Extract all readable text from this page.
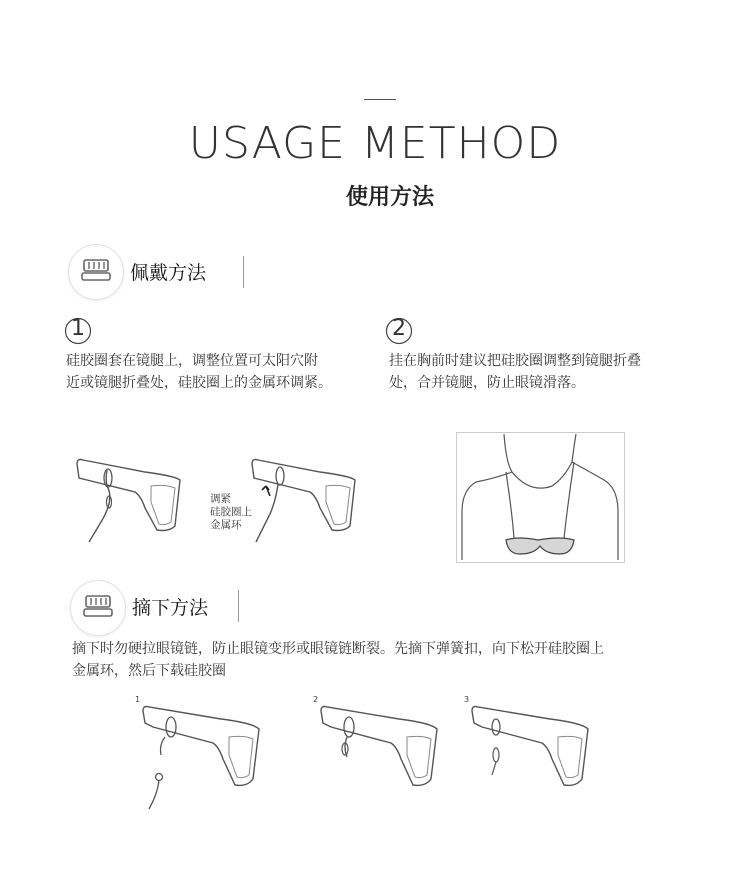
USAGE METHOD
使用方法
佩戴方法
1	2
硅胶圈套在镜腿上，调整位置可太阳穴附
近或镜腿折叠处，硅胶圈上的金属环调紧。
挂在胸前时建议把硅胶圈调整到镜腿折叠
处，合并镜腿，防止眼镜滑落。
调紧
硅胶圈上
金属环
摘下方法
摘下时勿硬拉眼镜链，防止眼镜变形或眼镜链断裂。先摘下弹簧扣，向下松开硅胶圈上
金属环，然后下载硅胶圈
1	2	3
